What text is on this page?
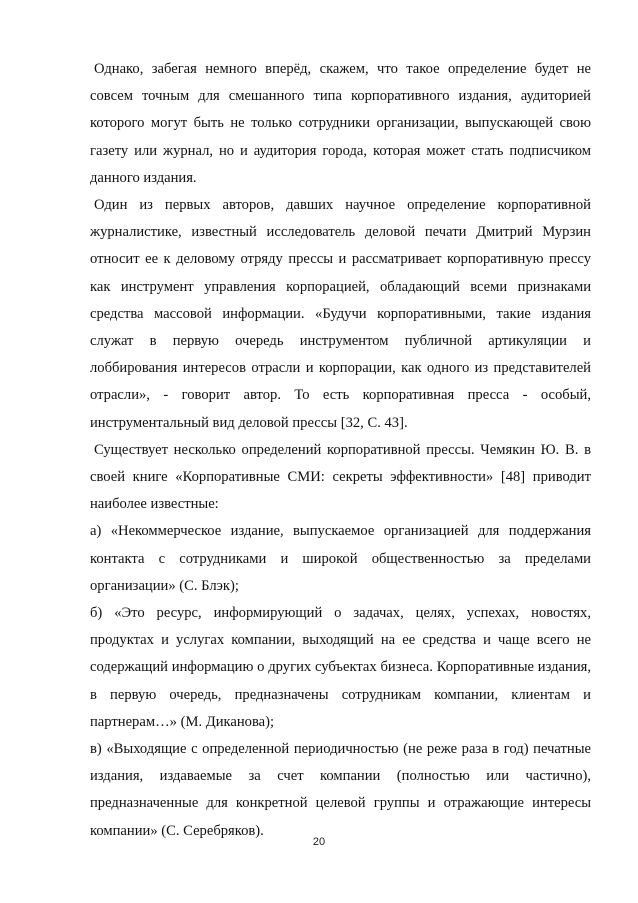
Однако, забегая немного вперёд, скажем, что такое определение будет не совсем точным для смешанного типа корпоративного издания, аудиторией которого могут быть не только сотрудники организации, выпускающей свою газету или журнал, но и аудитория города, которая может стать подписчиком данного издания.

Один из первых авторов, давших научное определение корпоративной журналистике, известный исследователь деловой печати Дмитрий Мурзин относит ее к деловому отряду прессы и рассматривает корпоративную прессу как инструмент управления корпорацией, обладающий всеми признаками средства массовой информации. «Будучи корпоративными, такие издания служат в первую очередь инструментом публичной артикуляции и лоббирования интересов отрасли и корпорации, как одного из представителей отрасли», - говорит автор. То есть корпоративная пресса - особый, инструментальный вид деловой прессы [32, С. 43].

Существует несколько определений корпоративной прессы. Чемякин Ю. В. в своей книге «Корпоративные СМИ: секреты эффективности» [48] приводит наиболее известные:

а) «Некоммерческое издание, выпускаемое организацией для поддержания контакта с сотрудниками и широкой общественностью за пределами организации» (С. Блэк);

б) «Это ресурс, информирующий о задачах, целях, успехах, новостях, продуктах и услугах компании, выходящий на ее средства и чаще всего не содержащий информацию о других субъектах бизнеса. Корпоративные издания, в первую очередь, предназначены сотрудникам компании, клиентам и партнерам…» (М. Диканова);

в) «Выходящие с определенной периодичностью (не реже раза в год) печатные издания, издаваемые за счет компании (полностью или частично), предназначенные для конкретной целевой группы и отражающие интересы компании» (С. Серебряков).

20
